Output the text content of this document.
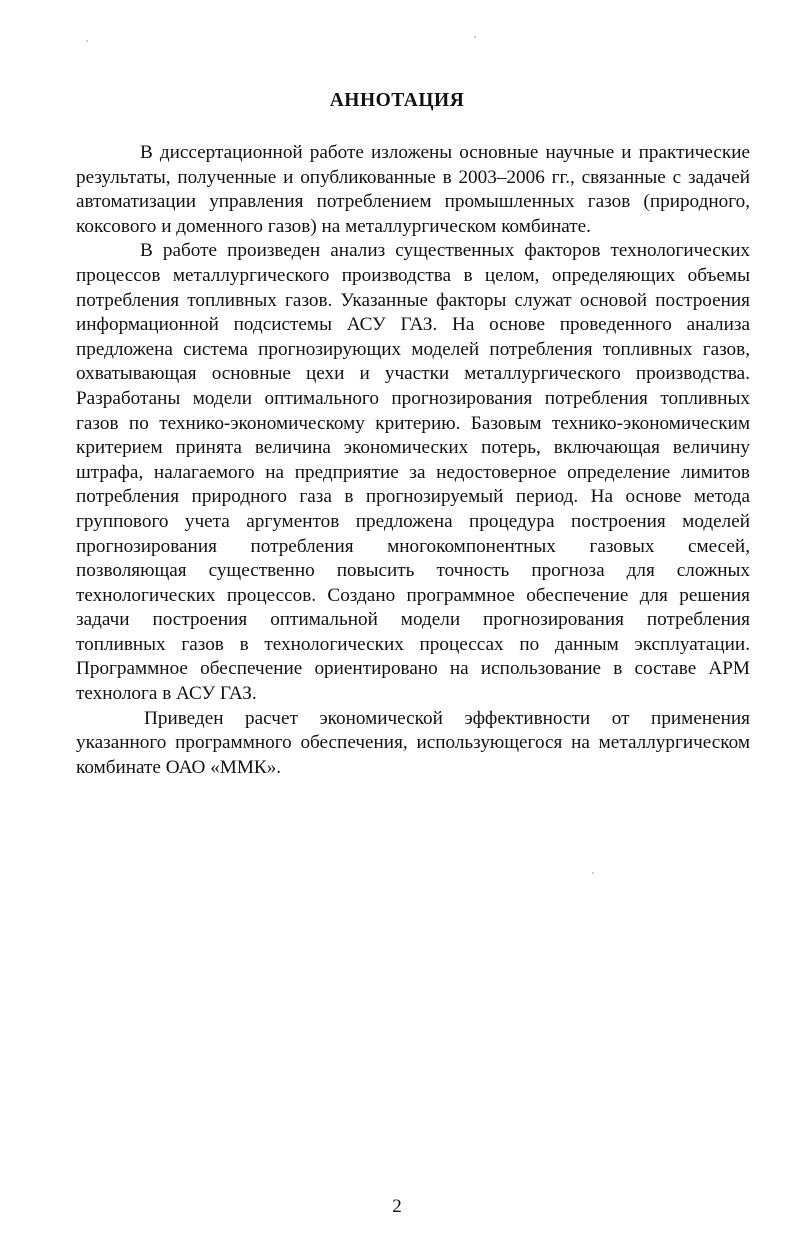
АННОТАЦИЯ

В диссертационной работе изложены основные научные и практические результаты, полученные и опубликованные в 2003–2006 гг., связанные с задачей автоматизации управления потреблением промышленных газов (природного, коксового и доменного газов) на металлургическом комбинате.

В работе произведен анализ существенных факторов технологических процессов металлургического производства в целом, определяющих объемы потребления топливных газов. Указанные факторы служат основой построения информационной подсистемы АСУ ГАЗ. На основе проведенного анализа предложена система прогнозирующих моделей потребления топливных газов, охватывающая основные цехи и участки металлургического производства. Разработаны модели оптимального прогнозирования потребления топливных газов по технико-экономическому критерию. Базовым технико-экономическим критерием принята величина экономических потерь, включающая величину штрафа, налагаемого на предприятие за недостоверное определение лимитов потребления природного газа в прогнозируемый период. На основе метода группового учета аргументов предложена процедура построения моделей прогнозирования потребления многокомпонентных газовых смесей, позволяющая существенно повысить точность прогноза для сложных технологических процессов. Создано программное обеспечение для решения задачи построения оптимальной модели прогнозирования потребления топливных газов в технологических процессах по данным эксплуатации. Программное обеспечение ориентировано на использование в составе АРМ технолога в АСУ ГАЗ.

Приведен расчет экономической эффективности от применения указанного программного обеспечения, использующегося на металлургическом комбинате ОАО «ММК».

2
